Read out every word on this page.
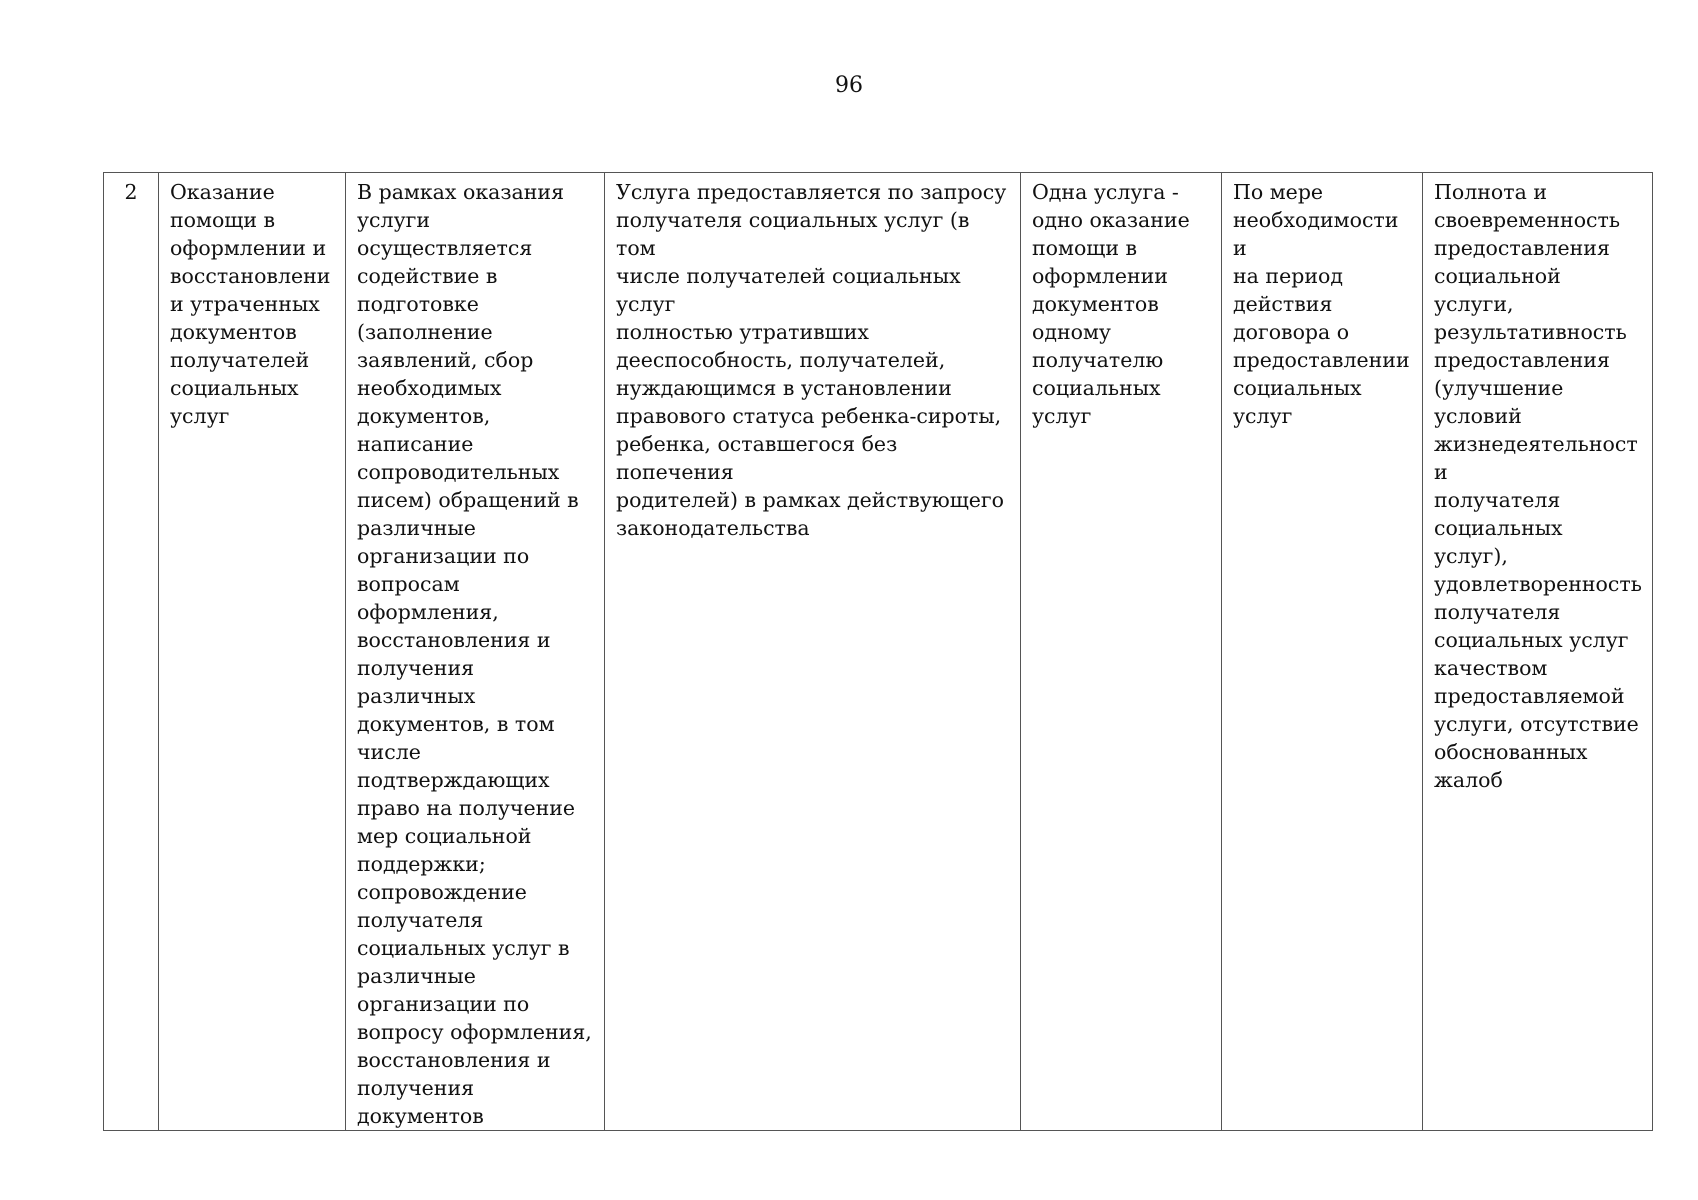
96
2	Оказание
помощи в
оформлении и
восстановлени
и утраченных
документов
получателей
социальных
услуг	В рамках оказания
услуги
осуществляется
содействие в
подготовке
(заполнение
заявлений, сбор
необходимых
документов,
написание
сопроводительных
писем) обращений в
различные
организации по
вопросам
оформления,
восстановления и
получения различных
документов, в том
числе
подтверждающих
право на получение
мер социальной
поддержки;
сопровождение
получателя
социальных услуг в
различные
организации по
вопросу оформления,
восстановления и
получения
документов	Услуга предоставляется по запросу
получателя социальных услуг (в том
числе получателей социальных услуг
полностью утративших
дееспособность, получателей,
нуждающимся в установлении
правового статуса ребенка-сироты,
ребенка, оставшегося без попечения
родителей) в рамках действующего
законодательства	Одна услуга -
одно оказание
помощи в
оформлении
документов
одному
получателю
социальных
услуг	По мере
необходимости и
на период
действия
договора о
предоставлении
социальных
услуг	Полнота и
своевременность
предоставления
социальной услуги,
результативность
предоставления
(улучшение
условий
жизнедеятельности
получателя
социальных услуг),
удовлетворенность
получателя
социальных услуг
качеством
предоставляемой
услуги, отсутствие
обоснованных
жалоб
